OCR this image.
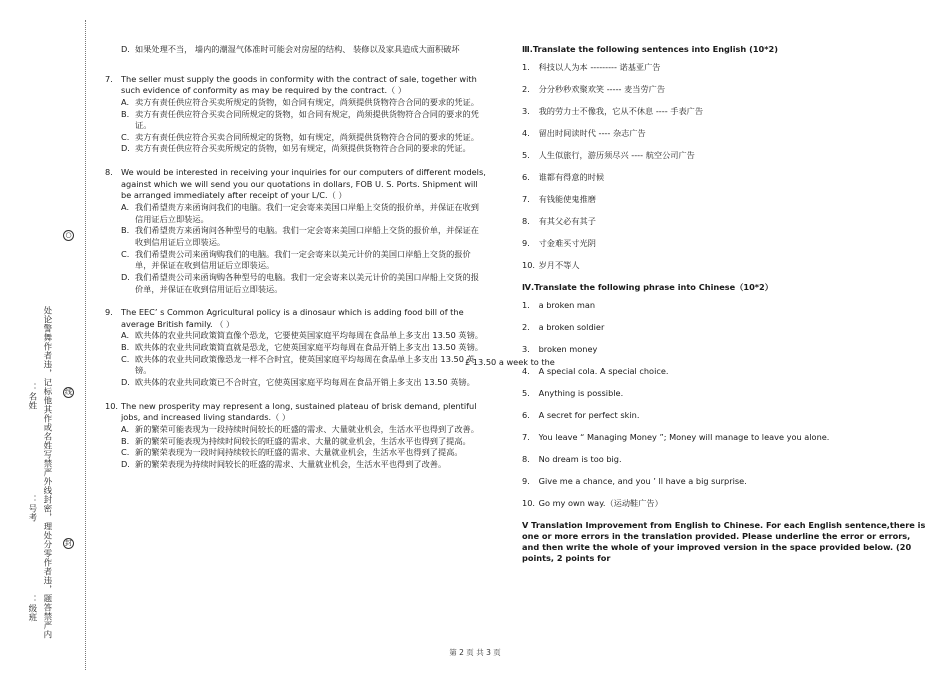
○
线
封
处论警舞作者违，记标他其作或名姓写禁严外线封密，理处分零作者违，题答禁严内
：名姓
：号考
：级班
D. 如果处理不当， 墙内的潮湿气体准时可能会对房屋的结构、 装修以及家具造成大面积破坏
7. The seller must supply the goods in conformity with the contract of sale, together with such evidence of conformity as may be required by the contract.（ ）
A. 卖方有责任供应符合买卖所规定的货物，如合同有规定，尚须提供货物符合合同的要求的凭证。
B. 卖方有责任供应符合买卖合同所规定的货物，如合同有规定，尚须提供货物符合合同的要求的凭证。
C. 卖方有责任供应符合买卖合同所规定的货物，如有规定，尚须提供货物符合合同的要求的凭证。
D. 卖方有责任供应符合买卖所规定的货物，如另有规定，尚须提供货物符合合同的要求的凭证。
8. We would be interested in receiving your inquiries for our computers of different models, against which we will send you our quotations in dollars, FOB U. S. Ports. Shipment will be arranged immediately after receipt of your L/C.（ ）
A. 我们希望贵方来函询问我们的电脑。我们一定会寄来美国口岸船上交货的报价单，并保证在收到信用证后立即装运。
B. 我们希望贵方来函询问各种型号的电脑。我们一定会寄来美国口岸船上交货的报价单，并保证在收到信用证后立即装运。
C. 我们希望贵公司来函询购我们的电脑。我们一定会寄来以美元计价的美国口岸船上交货的报价单，并保证在收到信用证后立即装运。
D. 我们希望贵公司来函询购各种型号的电脑。我们一定会寄来以美元计价的美国口岸船上交货的报价单，并保证在收到信用证后立即装运。
9. The EEC’ s Common Agricultural policy is a dinosaur which is adding food bill of the average British family. （ ）
A. 欧共体的农业共同政策简直像个恐龙，它要使英国家庭平均每周在食品单上多支出 13.50 英镑。
B. 欧共体的农业共同政策简直就是恐龙，它使英国家庭平均每周在食品开销上多支出 13.50 英镑。
C. 欧共体的农业共同政策像恐龙一样不合时宜，使英国家庭平均每周在食品单上多支出 13.50 英镑。
D. 欧共体的农业共同政策已不合时宜，它使英国家庭平均每周在食品开销上多支出 13.50 英镑。
10. The new prosperity may represent a long, sustained plateau of brisk demand, plentiful jobs, and increased living standards.（ ）
A. 新的繁荣可能表现为一段持续时间较长的旺盛的需求、大量就业机会，生活水平也得到了改善。
B. 新的繁荣可能表现为持续时间较长的旺盛的需求、大量的就业机会，生活水平也得到了提高。
C. 新的繁荣表现为一段时间持续较长的旺盛的需求、大量就业机会，生活水平也得到了提高。
D. 新的繁荣表现为持续时间较长的旺盛的需求、大量就业机会，生活水平也得到了改善。
£ 13.50 a week to the
Ⅲ.Translate the following sentences into English (10*2)
1. 科技以人为本 --------- 诺基亚广告
2. 分分秒秒欢聚欢笑 ----- 麦当劳广告
3. 我的劳力士不像我，它从不休息 ---- 手表广告
4. 留出时间读时代 ---- 杂志广告
5. 人生似旅行，游历须尽兴 ---- 航空公司广告
6. 谁都有得意的时候
7. 有钱能使鬼推磨
8. 有其父必有其子
9. 寸金难买寸光阴
10. 岁月不等人
Ⅳ.Translate the following phrase into Chinese（10*2）
1. a broken man
2. a broken soldier
3. broken money
4. A special cola. A special choice.
5. Anything is possible.
6. A secret for perfect skin.
7. You leave “ Managing Money ”; Money will manage to leave you alone.
8. No dream is too big.
9. Give me a chance, and you ’ ll have a big surprise.
10. Go my own way.（运动鞋广告）
Ⅴ Translation Improvement from English to Chinese. For each English sentence,there is one or more errors in the translation provided. Please underline the error or errors, and then write the whole of your improved version in the space provided below. (20 points, 2 points for
第 2 页 共 3 页
